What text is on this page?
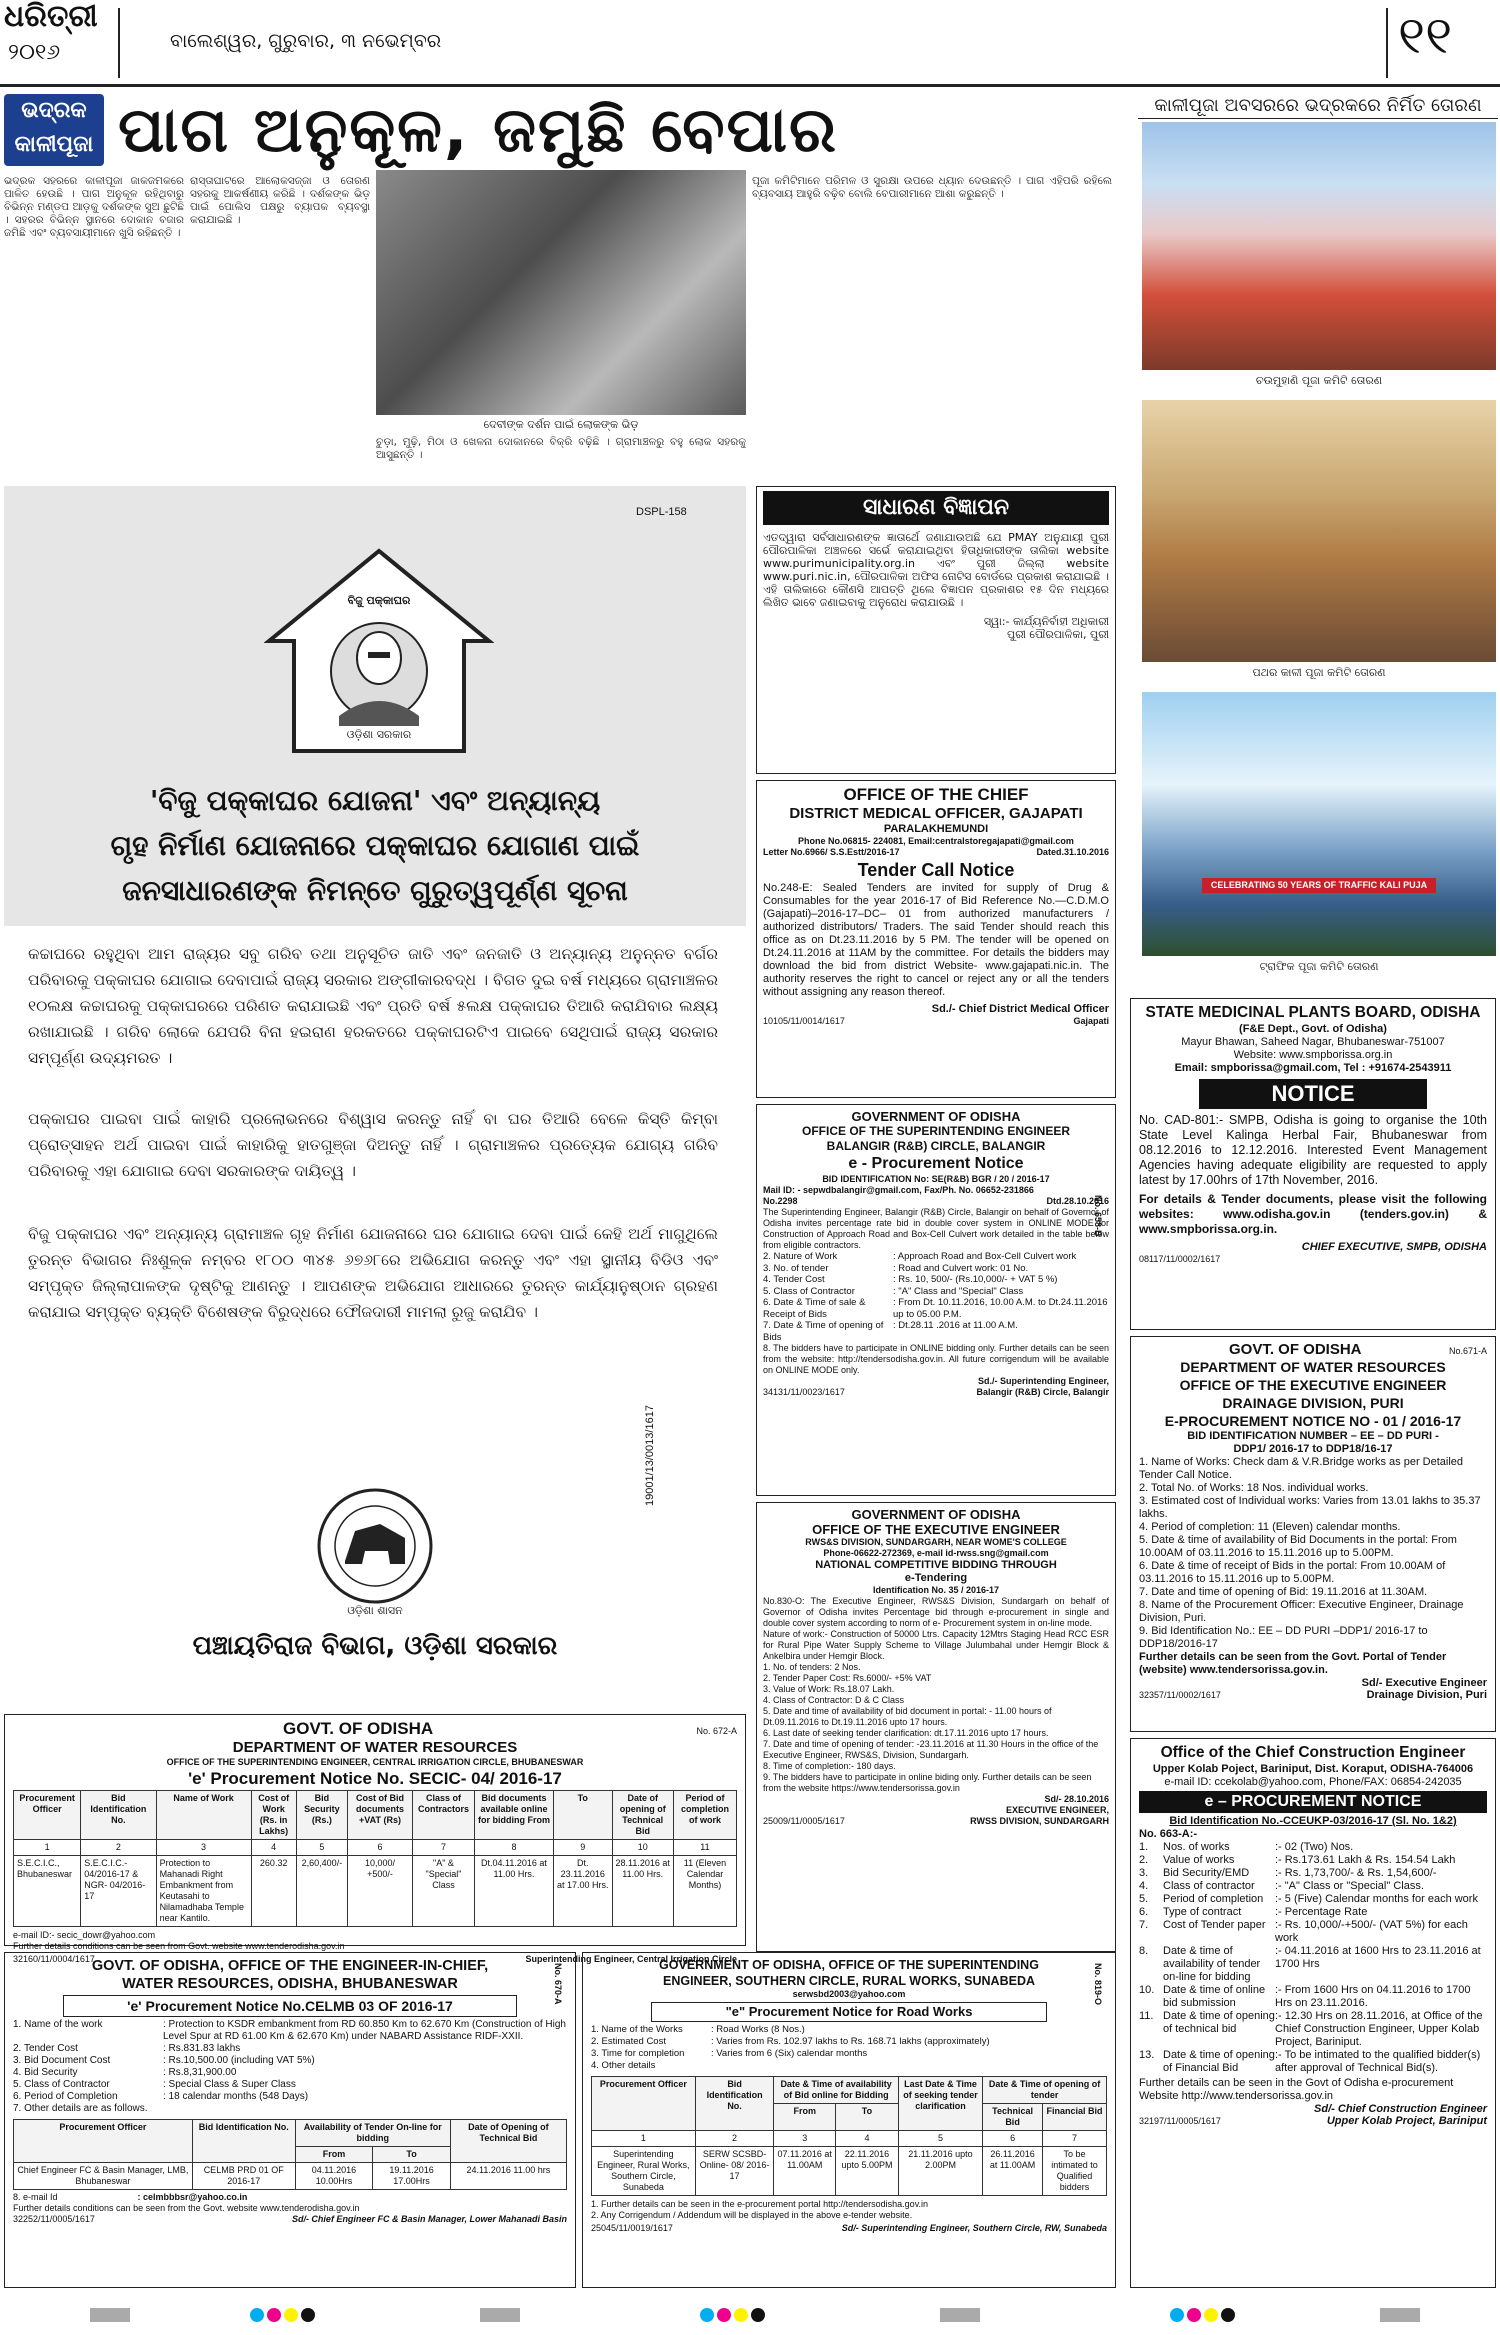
ଧରିତ୍ରୀ
୨୦୧୬	ବାଲେଶ୍ୱର, ଗୁରୁବାର, ୩ ନଭେମ୍ବର	୧୧
ଭଦ୍ରକ
କାଳୀପୂଜା ପାଗ ଅନୁକୂଳ, ଜମୁଛି ବେପାର
ଭଦ୍ରକ ସହରରେ କାଳୀପୂଜା ଜାକଜମକରେ ପାଳିତ ହେଉଛି । ପାଗ ଅନୁକୂଳ ରହିଥିବାରୁ ବିଭିନ୍ନ ମଣ୍ଡପ ଆଡ଼କୁ ଦର୍ଶକଙ୍କ ସୁଅ ଛୁଟିଛି । ସହରର ବିଭିନ୍ନ ସ୍ଥାନରେ ଦୋକାନ ବଜାର ଜମିଛି ଏବଂ ବ୍ୟବସାୟୀମାନେ ଖୁସି ରହିଛନ୍ତି ।
ରାସ୍ତାଘାଟରେ ଆଲୋକସଜ୍ଜା ଓ ତୋରଣ ସହରକୁ ଆକର୍ଷଣୀୟ କରିଛି । ଦର୍ଶକଙ୍କ ଭିଡ଼ ପାଇଁ ପୋଲିସ ପକ୍ଷରୁ ବ୍ୟାପକ ବ୍ୟବସ୍ଥା କରାଯାଇଛି ।
ଦେବୀଙ୍କ ଦର୍ଶନ ପାଇଁ ଲୋକଙ୍କ ଭିଡ଼
ଚୁଡ଼ା, ମୁଢ଼ି, ମିଠା ଓ ଖେଳନା ଦୋକାନରେ ବିକ୍ରି ବଢ଼ିଛି । ଗ୍ରାମାଞ୍ଚଳରୁ ବହୁ ଲୋକ ସହରକୁ ଆସୁଛନ୍ତି ।
ପୂଜା କମିଟିମାନେ ପରିମଳ ଓ ସୁରକ୍ଷା ଉପରେ ଧ୍ୟାନ ଦେଉଛନ୍ତି । ପାଗ ଏହିପରି ରହିଲେ ବ୍ୟବସାୟ ଆହୁରି ବଢ଼ିବ ବୋଲି ବେପାରୀମାନେ ଆଶା କରୁଛନ୍ତି ।
କାଳୀପୂଜା ଅବସରରେ ଭଦ୍ରକରେ ନିର୍ମିତ ତୋରଣ
ଚଉମୁହାଣି ପୂଜା କମିଟି ତୋରଣ
ପଥର କାଳୀ ପୂଜା କମିଟି ତୋରଣ
CELEBRATING 50 YEARS OF TRAFFIC KALI PUJA
ଟ୍ରାଫିକ ପୂଜା କମିଟି ତୋରଣ
DSPL-158
ବିଜୁ ପକ୍କାଘର
ଓଡ଼ିଶା ସରକାର
'ବିଜୁ ପକ୍କାଘର ଯୋଜନା' ଏବଂ ଅନ୍ୟାନ୍ୟ
ଗୃହ ନିର୍ମାଣ ଯୋଜନାରେ ପକ୍କାଘର ଯୋଗାଣ ପାଇଁ
ଜନସାଧାରଣଙ୍କ ନିମନ୍ତେ ଗୁରୁତ୍ୱପୂର୍ଣ୍ଣ ସୂଚନା
କଚ୍ଚାଘରେ ରହୁଥିବା ଆମ ରାଜ୍ୟର ସବୁ ଗରିବ ତଥା ଅନୁସୂଚିତ ଜାତି ଏବଂ ଜନଜାତି ଓ ଅନ୍ୟାନ୍ୟ ଅନୁନ୍ନତ ବର୍ଗର ପରିବାରକୁ ପକ୍କାଘର ଯୋଗାଇ ଦେବାପାଇଁ ରାଜ୍ୟ ସରକାର ଅଙ୍ଗୀକାରବଦ୍ଧ । ବିଗତ ଦୁଇ ବର୍ଷ ମଧ୍ୟରେ ଗ୍ରାମାଞ୍ଚଳର ୧୦ଲକ୍ଷ କଚ୍ଚାଘରକୁ ପକ୍କାଘରରେ ପରିଣତ କରାଯାଇଛି ଏବଂ ପ୍ରତି ବର୍ଷ ୫ଲକ୍ଷ ପକ୍କାଘର ତିଆରି କରାଯିବାର ଲକ୍ଷ୍ୟ ରଖାଯାଇଛି । ଗରିବ ଲୋକେ ଯେପରି ବିନା ହଇରାଣ ହରକତରେ ପକ୍କାଘରଟିଏ ପାଇବେ ସେଥିପାଇଁ ରାଜ୍ୟ ସରକାର ସମ୍ପୂର୍ଣ୍ଣ ଉଦ୍ୟମରତ ।
ପକ୍କାଘର ପାଇବା ପାଇଁ କାହାରି ପ୍ରଲୋଭନରେ ବିଶ୍ୱାସ କରନ୍ତୁ ନାହିଁ ବା ଘର ତିଆରି ବେଳେ କିସ୍ତି କିମ୍ବା ପ୍ରୋତ୍ସାହନ ଅର୍ଥ ପାଇବା ପାଇଁ କାହାରିକୁ ହାତଗୁଞ୍ଜା ଦିଅନ୍ତୁ ନାହିଁ । ଗ୍ରାମାଞ୍ଚଳର ପ୍ରତ୍ୟେକ ଯୋଗ୍ୟ ଗରିବ ପରିବାରକୁ ଏହା ଯୋଗାଇ ଦେବା ସରକାରଙ୍କ ଦାୟିତ୍ୱ ।
ବିଜୁ ପକ୍କାଘର ଏବଂ ଅନ୍ୟାନ୍ୟ ଗ୍ରାମାଞ୍ଚଳ ଗୃହ ନିର୍ମାଣ ଯୋଜନାରେ ଘର ଯୋଗାଇ ଦେବା ପାଇଁ କେହି ଅର୍ଥ ମାଗୁଥିଲେ ତୁରନ୍ତ ବିଭାଗର ନିଃଶୁଳ୍କ ନମ୍ବର ୧୮୦୦ ୩୪୫ ୬୭୬୮ରେ ଅଭିଯୋଗ କରନ୍ତୁ ଏବଂ ଏହା ସ୍ଥାନୀୟ ବିଡିଓ ଏବଂ ସମ୍ପୃକ୍ତ ଜିଲ୍ଲାପାଳଙ୍କ ଦୃଷ୍ଟିକୁ ଆଣନ୍ତୁ । ଆପଣଙ୍କ ଅଭିଯୋଗ ଆଧାରରେ ତୁରନ୍ତ କାର୍ଯ୍ୟାନୁଷ୍ଠାନ ଗ୍ରହଣ କରାଯାଇ ସମ୍ପୃକ୍ତ ବ୍ୟକ୍ତି ବିଶେଷଙ୍କ ବିରୁଦ୍ଧରେ ଫୌଜଦାରୀ ମାମଲା ରୁଜୁ କରାଯିବ ।
ଓଡ଼ିଶା ଶାସନ
19001/13/0013/1617
ପଞ୍ଚାୟତିରାଜ ବିଭାଗ, ଓଡ଼ିଶା ସରକାର
ସାଧାରଣ ବିଜ୍ଞାପନ
ଏତଦ୍ୱାରା ସର୍ବସାଧାରଣଙ୍କ ଜ୍ଞାତାର୍ଥେ ଜଣାଯାଉଅଛି ଯେ PMAY ଅନୁଯାୟୀ ପୁରୀ ପୌରପାଳିକା ଅଞ୍ଚଳରେ ସର୍ଭେ କରାଯାଇଥିବା ହିତାଧିକାରୀଙ୍କ ତାଲିକା website www.purimunicipality.org.in ଏବଂ ପୁରୀ ଜିଲ୍ଲା website www.puri.nic.in, ପୌରପାଳିକା ଅଫିସ ନୋଟିସ ବୋର୍ଡରେ ପ୍ରକାଶ କରାଯାଇଛି । ଏହି ତାଲିକାରେ କୌଣସି ଆପତ୍ତି ଥିଲେ ବିଜ୍ଞାପନ ପ୍ରକାଶର ୧୫ ଦିନ ମଧ୍ୟରେ ଲିଖିତ ଭାବେ ଜଣାଇବାକୁ ଅନୁରୋଧ କରାଯାଉଛି ।
ସ୍ୱା:- କାର୍ଯ୍ୟନିର୍ବାହୀ ଅଧିକାରୀ
ପୁରୀ ପୌରପାଳିକା, ପୁରୀ
OFFICE OF THE CHIEF
DISTRICT MEDICAL OFFICER, GAJAPATI
PARALAKHEMUNDI
Phone No.06815- 224081, Email:centralstoregajapati@gmail.com
Letter No.6966/ S.S.Estt/2016-17	Dated.31.10.2016
Tender Call Notice
No.248-E: Sealed Tenders are invited for supply of Drug & Consumables for the year 2016-17 of Bid Reference No.—C.D.M.O (Gajapati)–2016-17–DC– 01 from authorized manufacturers / authorized distributors/ Traders. The said Tender should reach this office as on Dt.23.11.2016 by 5 PM. The tender will be opened on Dt.24.11.2016 at 11AM by the committee. For details the bidders may download the bid from district Website- www.gajapati.nic.in. The authority reserves the right to cancel or reject any or all the tenders without assigning any reason thereof.
Sd./- Chief District Medical Officer
10105/11/0014/1617	Gajapati
GOVERNMENT OF ODISHA
OFFICE OF THE SUPERINTENDING ENGINEER
BALANGIR (R&B) CIRCLE, BALANGIR
e - Procurement Notice
BID IDENTIFICATION No: SE(R&B) BGR / 20 / 2016-17
Mail ID: - sepwdbalangir@gmail.com, Fax/Ph. No. 06652-231866
No.2298	Dtd.28.10.2016
The Superintending Engineer, Balangir (R&B) Circle, Balangir on behalf of Governor of Odisha invites percentage rate bid in double cover system in ONLINE MODE for Construction of Approach Road and Box-Cell Culvert work detailed in the table below from eligible contractors.
2. Nature of Work	: Approach Road and Box-Cell Culvert work
3. No. of tender	: Road and Culvert work: 01 No.
4. Tender Cost	: Rs. 10, 500/- (Rs.10,000/- + VAT 5 %)
5. Class of Contractor	: "A" Class and "Special" Class
6. Date & Time of sale & Receipt of Bids
: From Dt. 10.11.2016, 10.00 A.M. to Dt.24.11.2016 up to 05.00 P.M.
7. Date & Time of opening of Bids
: Dt.28.11 .2016 at 11.00 A.M.
8. The bidders have to participate in ONLINE bidding only. Further details can be seen from the website: http://tendersodisha.gov.in. All future corrigendum will be available on ONLINE MODE only.
Sd./- Superintending Engineer,
34131/11/0023/1617	Balangir (R&B) Circle, Balangir
No. 658-B
GOVERNMENT OF ODISHA
OFFICE OF THE EXECUTIVE ENGINEER
RWS&S DIVISION, SUNDARGARH, NEAR WOME'S COLLEGE
Phone-06622-272369, e-mail id-rwss.sng@gmail.com
NATIONAL COMPETITIVE BIDDING THROUGH
e-Tendering
Identification No. 35 / 2016-17
No.830-O: The Executive Engineer, RWS&S Division, Sundargarh on behalf of Governor of Odisha invites Percentage bid through e-procurement in single and double cover system according to norm of e- Procurement system in on-line mode.
Nature of work:- Construction of 50000 Ltrs. Capacity 12Mtrs Staging Head RCC ESR for Rural Pipe Water Supply Scheme to Village Julumbahal under Hemgir Block & Ankelbira under Hemgir Block.
1. No. of tenders: 2 Nos.
2. Tender Paper Cost: Rs.6000/- +5% VAT
3. Value of Work: Rs.18.07 Lakh.
4. Class of Contractor: D & C Class
5. Date and time of availability of bid document in portal: - 11.00 hours of Dt.09.11.2016 to Dt.19.11.2016 upto 17 hours.
6. Last date of seeking tender clarification: dt.17.11.2016 upto 17 hours.
7. Date and time of opening of tender: -23.11.2016 at 11.30 Hours in the office of the Executive Engineer, RWS&S, Division, Sundargarh.
8. Time of completion:- 180 days.
9. The bidders have to participate in online biding only. Further details can be seen from the website https://www.tendersorissa.gov.in
Sd/- 28.10.2016
EXECUTIVE ENGINEER,
25009/11/0005/1617	RWSS DIVISION, SUNDARGARH
STATE MEDICINAL PLANTS BOARD, ODISHA
(F&E Dept., Govt. of Odisha)
Mayur Bhawan, Saheed Nagar, Bhubaneswar-751007
Website: www.smpborissa.org.in
Email: smpborissa@gmail.com, Tel : +91674-2543911
NOTICE
No. CAD-801:- SMPB, Odisha is going to organise the 10th State Level Kalinga Herbal Fair, Bhubaneswar from 08.12.2016 to 12.12.2016. Interested Event Management Agencies having adequate eligibility are requested to apply latest by 17.00hrs of 17th November, 2016.
For details & Tender documents, please visit the following websites: www.odisha.gov.in (tenders.gov.in) & www.smpborissa.org.in.
CHIEF EXECUTIVE, SMPB, ODISHA
08117/11/0002/1617
GOVT. OF ODISHA	No.671-A
DEPARTMENT OF WATER RESOURCES
OFFICE OF THE EXECUTIVE ENGINEER
DRAINAGE DIVISION, PURI
E-PROCUREMENT NOTICE NO - 01 / 2016-17
BID IDENTIFICATION NUMBER – EE – DD PURI -
DDP1/ 2016-17 to DDP18/16-17
1. Name of Works: Check dam & V.R.Bridge works as per Detailed Tender Call Notice.
2. Total No. of Works: 18 Nos. individual works.
3. Estimated cost of Individual works: Varies from 13.01 lakhs to 35.37 lakhs.
4. Period of completion: 11 (Eleven) calendar months.
5. Date & time of availability of Bid Documents in the portal: From 10.00AM of 03.11.2016 to 15.11.2016 up to 5.00PM.
6. Date & time of receipt of Bids in the portal: From 10.00AM of 03.11.2016 to 15.11.2016 up to 5.00PM.
7. Date and time of opening of Bid: 19.11.2016 at 11.30AM.
8. Name of the Procurement Officer: Executive Engineer, Drainage Division, Puri.
9. Bid Identification No.: EE – DD PURI –DDP1/ 2016-17 to DDP18/2016-17
Further details can be seen from the Govt. Portal of Tender (website) www.tendersorissa.gov.in.
Sd/- Executive Engineer
32357/11/0002/1617	Drainage Division, Puri
Office of the Chief Construction Engineer
Upper Kolab Poject, Bariniput, Dist. Koraput, ODISHA-764006
e-mail ID: ccekolab@yahoo.com, Phone/FAX: 06854-242035
e – PROCUREMENT NOTICE
Bid Identification No.-CCEUKP-03/2016-17 (Sl. No. 1&2)
No. 663-A:-
1.	Nos. of works	:- 02 (Two) Nos.
2.	Value of works	:- Rs.173.61 Lakh & Rs. 154.54 Lakh
3.	Bid Security/EMD	:- Rs. 1,73,700/- & Rs. 1,54,600/-
4.	Class of contractor	:- "A" Class or "Special" Class.
5.	Period of completion	:- 5 (Five) Calendar months for each work
6.	Type of contract	:- Percentage Rate
7.	Cost of Tender paper :- Rs. 10,000/-+500/- (VAT 5%) for each work
8.	Date & time of availability of tender on-line for bidding
:- 04.11.2016 at 1600 Hrs to 23.11.2016 at 1700 Hrs
10. Date & time of online bid submission
:- From 1600 Hrs on 04.11.2016 to 1700 Hrs on 23.11.2016.
11. Date & time of opening of technical bid
:- 12.30 Hrs on 28.11.2016, at Office of the Chief Construction Engineer, Upper Kolab Project, Bariniput.
13. Date & time of opening of Financial Bid
:- To be intimated to the qualified bidder(s) after approval of Technical Bid(s).
Further details can be seen in the Govt of Odisha e-procurement Website http://www.tendersorissa.gov.in
Sd/- Chief Construction Engineer
32197/11/0005/1617	Upper Kolab Project, Bariniput
GOVT. OF ODISHA	No. 672-A
DEPARTMENT OF WATER RESOURCES
OFFICE OF THE SUPERINTENDING ENGINEER, CENTRAL IRRIGATION CIRCLE, BHUBANESWAR
'e' Procurement Notice No. SECIC- 04/ 2016-17
Procurement Officer	Bid Identification No.	Name of Work	Cost of Work (Rs. in Lakhs)	Bid Security (Rs.)	Cost of Bid documents +VAT (Rs)	Class of Contractors	Bid documents available online for bidding From	To	Date of opening of Technical Bid	Period of completion of work

1	2	3	4	5	6	7	8	9	10	11
S.E.C.I.C., Bhubaneswar	S.E.C.I.C.- 04/2016-17 & NGR- 04/2016-17	Protection to Mahanadi Right Embankment from Keutasahi to Nilamadhaba Temple near Kantilo.	260.32	2,60,400/-	10,000/ +500/-	"A" & "Special" Class	Dt.04.11.2016 at 11.00 Hrs.	Dt. 23.11.2016 at 17.00 Hrs.	28.11.2016 at 11.00 Hrs.	11 (Eleven Calendar Months)
e-mail ID:- secic_dowr@yahoo.com
Further details conditions can be seen from Govt. website www.tenderodisha.gov.in
32160/11/0004/1617	Superintending Engineer, Central Irrigation Circle
GOVT. OF ODISHA, OFFICE OF THE ENGINEER-IN-CHIEF,
WATER RESOURCES, ODISHA, BHUBANESWAR
'e' Procurement Notice No.CELMB 03 OF 2016-17
1. Name of the work	: Protection to KSDR embankment from RD 60.850 Km to 62.670 Km (Construction of High Level Spur at RD 61.00 Km & 62.670 Km) under NABARD Assistance RIDF-XXII.
2. Tender Cost	: Rs.831.83 lakhs
3. Bid Document Cost	: Rs.10,500.00 (including VAT 5%)
4. Bid Security	: Rs.8,31,900.00
5. Class of Contractor	: Special Class & Super Class
6. Period of Completion	: 18 calendar months (548 Days)
7. Other details are as follows.
Procurement Officer	Bid Identification No.	Availability of Tender On-line for bidding		Date of Opening of Technical Bid
		From	To	
Chief Engineer FC & Basin Manager, LMB, Bhubaneswar	CELMB PRD 01 OF 2016-17	04.11.2016 10.00Hrs	19.11.2016 17.00Hrs	24.11.2016 11.00 hrs
8. e-mail Id	: celmbbbsr@yahoo.co.in
Further details conditions can be seen from the Govt. website www.tenderodisha.gov.in
32252/11/0005/1617	Sd/- Chief Engineer FC & Basin Manager, Lower Mahanadi Basin
No. 670-A	GOVERNMENT OF ODISHA, OFFICE OF THE SUPERINTENDING
ENGINEER, SOUTHERN CIRCLE, RURAL WORKS, SUNABEDA
serwsbd2003@yahoo.com
"e" Procurement Notice for Road Works
1. Name of the Works	: Road Works (8 Nos.)
2. Estimated Cost	: Varies from Rs. 102.97 lakhs to Rs. 168.71 lakhs (approximately)
3. Time for completion	: Varies from 6 (Six) calendar months
4. Other details
Procurement Officer	Bid Identification No.	Date & Time of availability of Bid online for Bidding		Last Date & Time of seeking tender clarification	Date & Time of opening of tender	
		From	To		Technical Bid	Financial Bid
1	2	3	4	5	6	7
Superintending Engineer, Rural Works, Southern Circle, Sunabeda	SERW SCSBD- Online- 08/ 2016-17	07.11.2016 at 11.00AM	22.11.2016 upto 5.00PM	21.11.2016 upto 2.00PM	26.11.2016 at 11.00AM	To be intimated to Qualified bidders
1. Further details can be seen in the e-procurement portal http://tendersodisha.gov.in
2. Any Corrigendum / Addendum will be displayed in the above e-tender website.
25045/11/0019/1617	Sd/- Superintending Engineer, Southern Circle, RW, Sunabeda
No. 819-O
